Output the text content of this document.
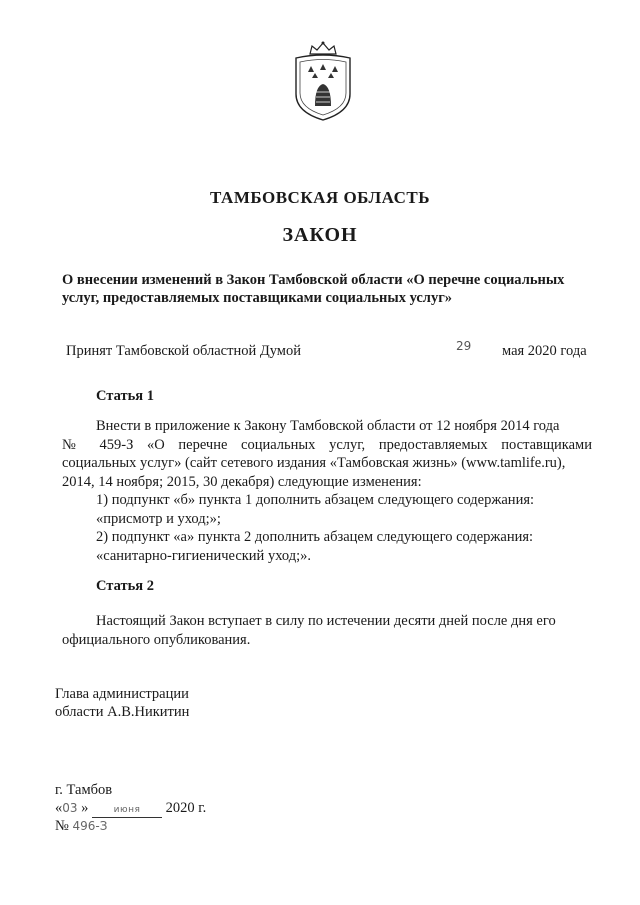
ТАМБОВСКАЯ ОБЛАСТЬ
ЗАКОН
О внесении изменений в Закон Тамбовской области «О перечне социальных
услуг, предоставляемых поставщиками социальных услуг»
Принят Тамбовской областной Думой	29 мая 2020 года
Статья 1
Внести в приложение к Закону Тамбовской области от 12 ноября 2014 года
№ 459-З «О перечне социальных услуг, предоставляемых поставщиками
социальных услуг» (сайт сетевого издания «Тамбовская жизнь» (www.tamlife.ru),
2014, 14 ноября; 2015, 30 декабря) следующие изменения:
1) подпункт «б» пункта 1 дополнить абзацем следующего содержания:
«присмотр и уход;»;
2) подпункт «а» пункта 2 дополнить абзацем следующего содержания:
«санитарно-гигиенический уход;».
Статья 2
Настоящий Закон вступает в силу по истечении десяти дней после дня его
официального опубликования.
Глава администрации
области А.В.Никитин
г. Тамбов
«03 »	июня 2020 г.
№ 496-З
